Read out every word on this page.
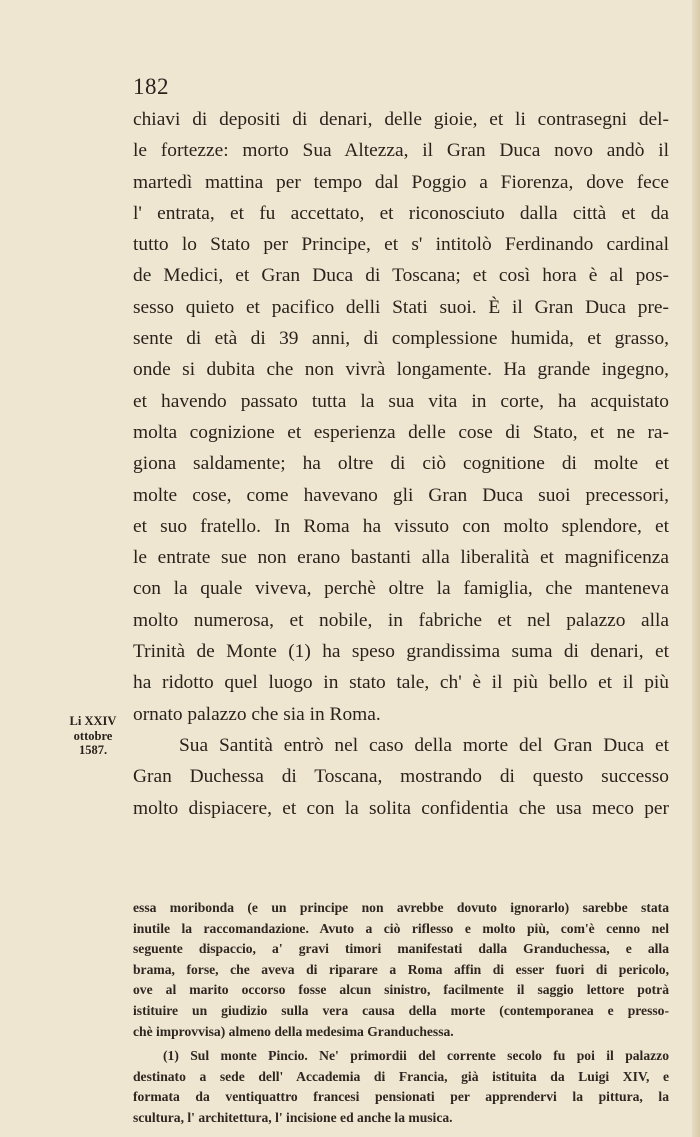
182
chiavi di depositi di denari, delle gioie, et li contrasegni del-
le fortezze: morto Sua Altezza, il Gran Duca novo andò il
martedì mattina per tempo dal Poggio a Fiorenza, dove fece
l' entrata, et fu accettato, et riconosciuto dalla città et da
tutto lo Stato per Principe, et s' intitolò Ferdinando cardinal
de Medici, et Gran Duca di Toscana; et così hora è al pos-
sesso quieto et pacifico delli Stati suoi. È il Gran Duca pre-
sente di età di 39 anni, di complessione humida, et grasso,
onde si dubita che non vivrà longamente. Ha grande ingegno,
et havendo passato tutta la sua vita in corte, ha acquistato
molta cognizione et esperienza delle cose di Stato, et ne ra-
giona saldamente; ha oltre di ciò cognitione di molte et
molte cose, come havevano gli Gran Duca suoi precessori,
et suo fratello. In Roma ha vissuto con molto splendore, et
le entrate sue non erano bastanti alla liberalità et magnificenza
con la quale viveva, perchè oltre la famiglia, che manteneva
molto numerosa, et nobile, in fabriche et nel palazzo alla
Trinità de Monte (1) ha speso grandissima suma di denari, et
ha ridotto quel luogo in stato tale, ch' è il più bello et il più
ornato palazzo che sia in Roma.
Sua Santità entrò nel caso della morte del Gran Duca et
Gran Duchessa di Toscana, mostrando di questo successo
molto dispiacere, et con la solita confidentia che usa meco per
Li XXIV
ottobre
1587.
essa moribonda (e un principe non avrebbe dovuto ignorarlo) sarebbe stata
inutile la raccomandazione. Avuto a ciò riflesso e molto più, com'è cenno nel
seguente dispaccio, a' gravi timori manifestati dalla Granduchessa, e alla
brama, forse, che aveva di riparare a Roma affin di esser fuori di pericolo,
ove al marito occorso fosse alcun sinistro, facilmente il saggio lettore potrà
istituire un giudizio sulla vera causa della morte (contemporanea e presso-
chè improvvisa) almeno della medesima Granduchessa.
(1) Sul monte Pincio. Ne' primordii del corrente secolo fu poi il palazzo
destinato a sede dell' Accademia di Francia, già istituita da Luigi XIV, e
formata da ventiquattro francesi pensionati per apprendervi la pittura, la
scultura, l' architettura, l' incisione ed anche la musica.
